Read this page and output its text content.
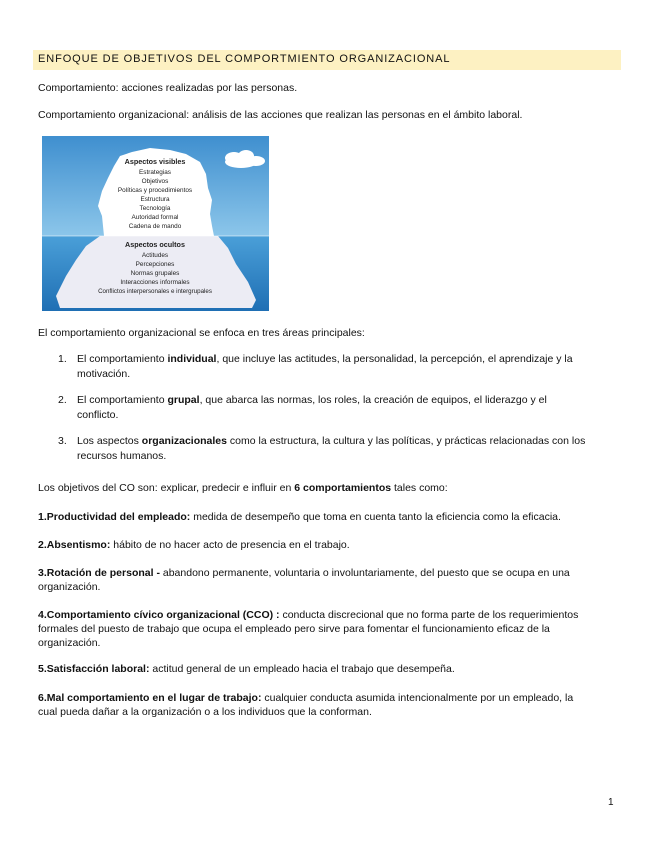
ENFOQUE DE OBJETIVOS DEL COMPORTMIENTO ORGANIZACIONAL
Comportamiento: acciones realizadas por las personas.
Comportamiento organizacional: análisis de las acciones que realizan las personas en el ámbito laboral.
Aspectos visibles
Estrategias
Objetivos
Políticas y procedimientos
Estructura
Tecnología
Autoridad formal
Cadena de mando
Aspectos ocultos
Actitudes
Percepciones
Normas grupales
Interacciones informales
Conflictos interpersonales e intergrupales
El comportamiento organizacional se enfoca en tres áreas principales:
1. El comportamiento individual, que incluye las actitudes, la personalidad, la percepción, el aprendizaje y la
motivación.
2. El comportamiento grupal, que abarca las normas, los roles, la creación de equipos, el liderazgo y el
conflicto.
3. Los aspectos organizacionales como la estructura, la cultura y las políticas, y prácticas relacionadas con los
recursos humanos.
Los objetivos del CO son: explicar, predecir e influir en 6 comportamientos tales como:
1.Productividad del empleado: medida de desempeño que toma en cuenta tanto la eficiencia como la eficacia.
2.Absentismo: hábito de no hacer acto de presencia en el trabajo.
3.Rotación de personal - abandono permanente, voluntaria o involuntariamente, del puesto que se ocupa en una
organización.
4.Comportamiento cívico organizacional (CCO) : conducta discrecional que no forma parte de los requerimientos
formales del puesto de trabajo que ocupa el empleado pero sirve para fomentar el funcionamiento eficaz de la
organización.
5.Satisfacción laboral: actitud general de un empleado hacia el trabajo que desempeña.
6.Mal comportamiento en el lugar de trabajo: cualquier conducta asumida intencionalmente por un empleado, la
cual pueda dañar a la organización o a los individuos que la conforman.
1
